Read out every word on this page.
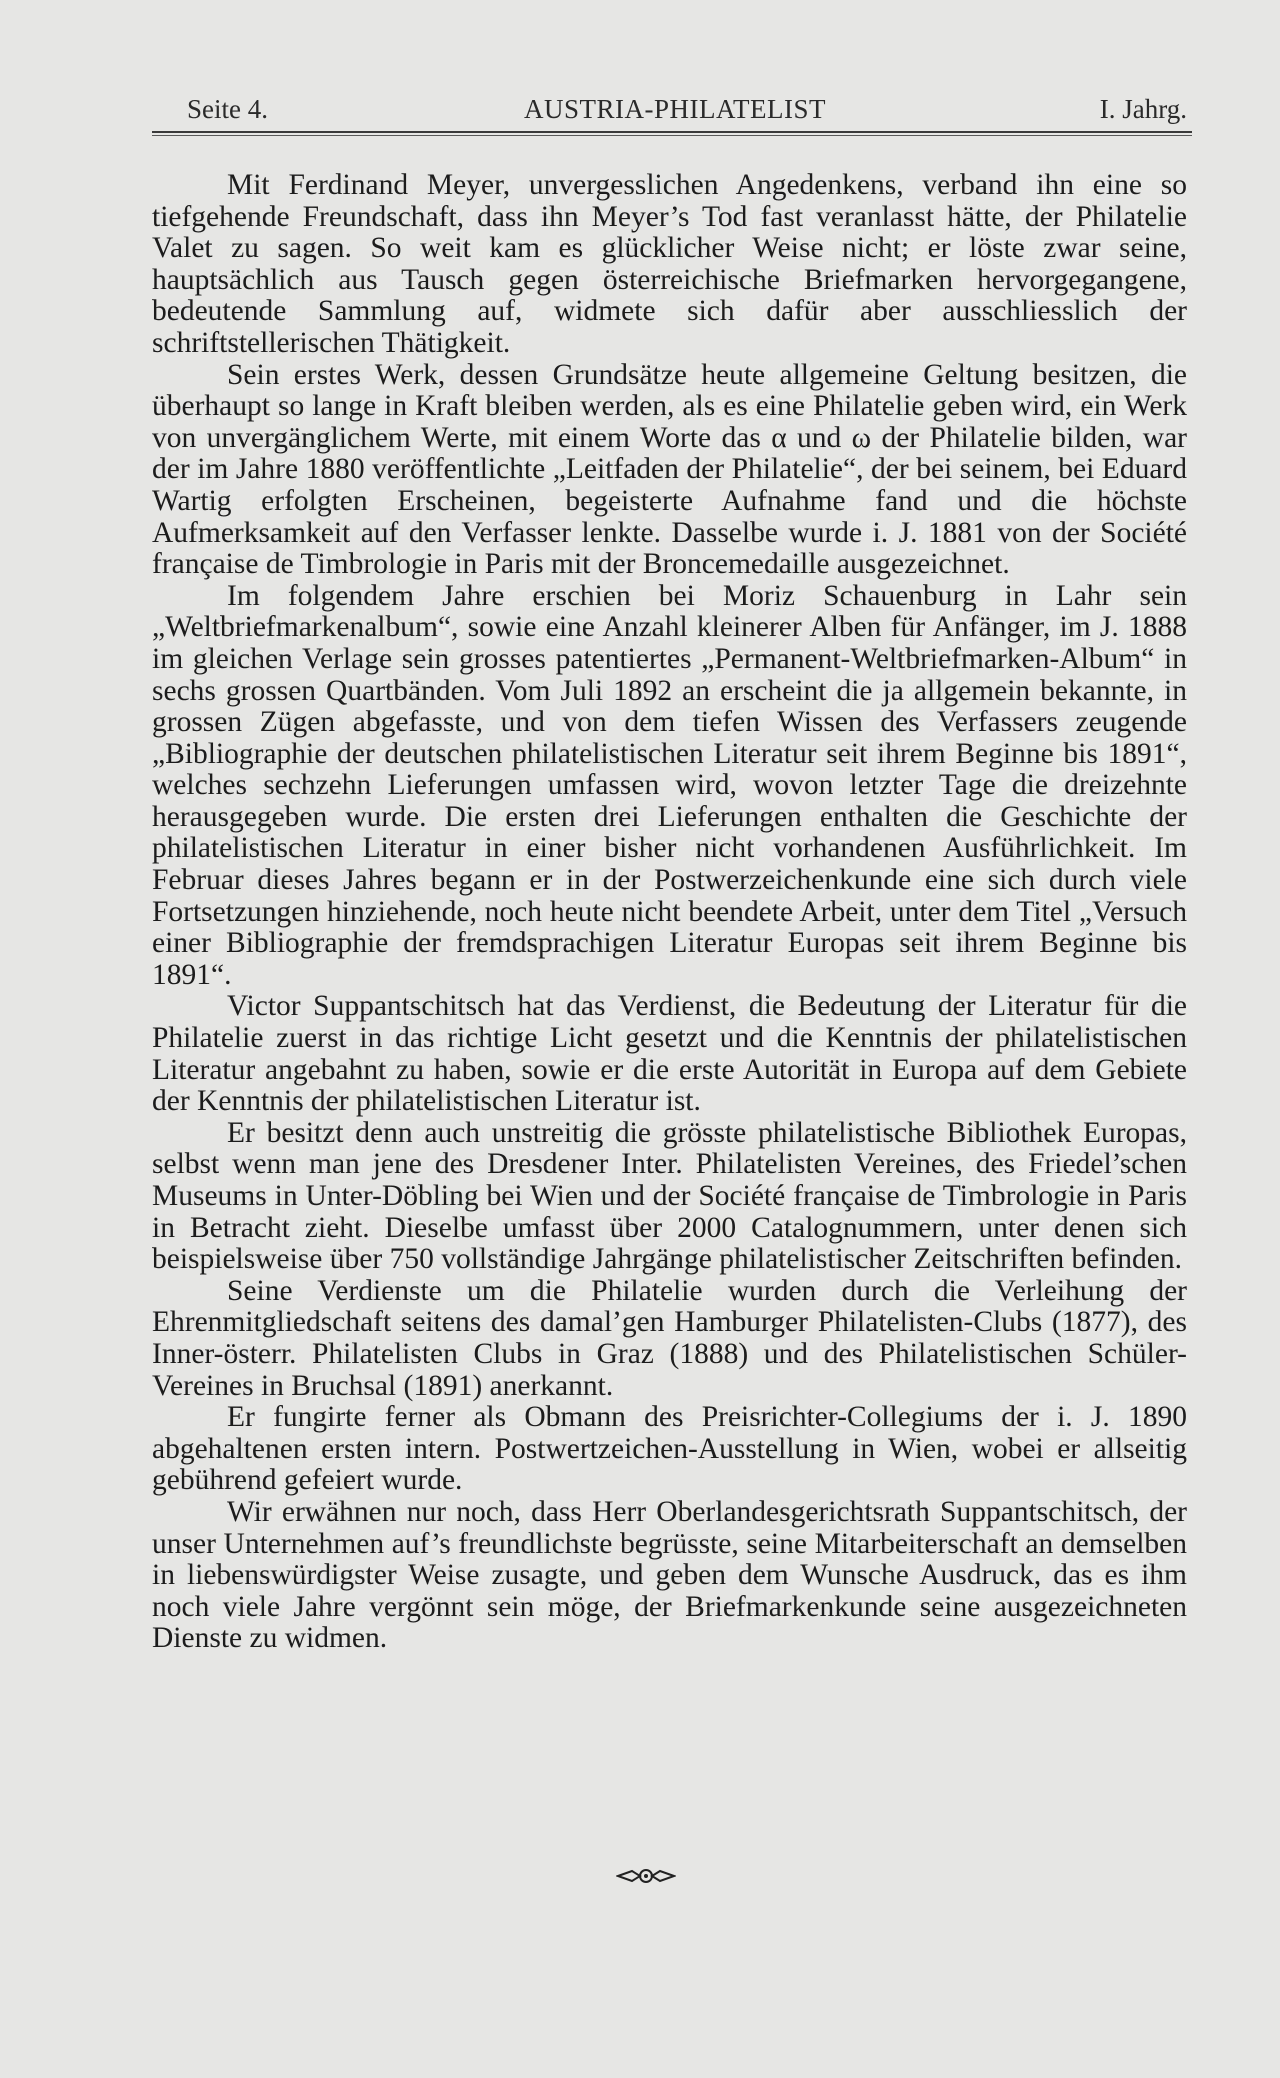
Seite 4.	AUSTRIA-PHILATELIST	I. Jahrg.

Mit Ferdinand Meyer, unvergesslichen Angedenkens, verband ihn eine so tiefgehende Freundschaft, dass ihn Meyer’s Tod fast veranlasst hätte, der Philatelie Valet zu sagen. So weit kam es glücklicher Weise nicht; er löste zwar seine, hauptsächlich aus Tausch gegen österreichische Briefmarken hervorgegangene, bedeutende Sammlung auf, widmete sich dafür aber ausschliesslich der schriftstellerischen Thätigkeit.

Sein erstes Werk, dessen Grundsätze heute allgemeine Geltung besitzen, die überhaupt so lange in Kraft bleiben werden, als es eine Philatelie geben wird, ein Werk von unvergänglichem Werte, mit einem Worte das α und ω der Philatelie bilden, war der im Jahre 1880 veröffentlichte „Leitfaden der Philatelie“, der bei seinem, bei Eduard Wartig erfolgten Erscheinen, begeisterte Aufnahme fand und die höchste Aufmerksamkeit auf den Verfasser lenkte. Dasselbe wurde i. J. 1881 von der Société française de Timbrologie in Paris mit der Broncemedaille ausgezeichnet.

Im folgendem Jahre erschien bei Moriz Schauenburg in Lahr sein „Weltbriefmarkenalbum“, sowie eine Anzahl kleinerer Alben für Anfänger, im J. 1888 im gleichen Verlage sein grosses patentiertes „Permanent-Weltbriefmarken-Album“ in sechs grossen Quartbänden. Vom Juli 1892 an erscheint die ja allgemein bekannte, in grossen Zügen abgefasste, und von dem tiefen Wissen des Verfassers zeugende „Bibliographie der deutschen philatelistischen Literatur seit ihrem Beginne bis 1891“, welches sechzehn Lieferungen umfassen wird, wovon letzter Tage die dreizehnte herausgegeben wurde. Die ersten drei Lieferungen enthalten die Geschichte der philatelistischen Literatur in einer bisher nicht vorhandenen Ausführlichkeit. Im Februar dieses Jahres begann er in der Postwerzeichenkunde eine sich durch viele Fortsetzungen hinziehende, noch heute nicht beendete Arbeit, unter dem Titel „Versuch einer Bibliographie der fremdsprachigen Literatur Europas seit ihrem Beginne bis 1891“.

Victor Suppantschitsch hat das Verdienst, die Bedeutung der Literatur für die Philatelie zuerst in das richtige Licht gesetzt und die Kenntnis der philatelistischen Literatur angebahnt zu haben, sowie er die erste Autorität in Europa auf dem Gebiete der Kenntnis der philatelistischen Literatur ist.

Er besitzt denn auch unstreitig die grösste philatelistische Bibliothek Europas, selbst wenn man jene des Dresdener Inter. Philatelisten Vereines, des Friedel’schen Museums in Unter-Döbling bei Wien und der Société française de Timbrologie in Paris in Betracht zieht. Dieselbe umfasst über 2000 Catalognummern, unter denen sich beispielsweise über 750 vollständige Jahrgänge philatelistischer Zeitschriften befinden.

Seine Verdienste um die Philatelie wurden durch die Verleihung der Ehrenmitgliedschaft seitens des damal’gen Hamburger Philatelisten-Clubs (1877), des Inner-österr. Philatelisten Clubs in Graz (1888) und des Philatelistischen Schüler-Vereines in Bruchsal (1891) anerkannt.

Er fungirte ferner als Obmann des Preisrichter-Collegiums der i. J. 1890 abgehaltenen ersten intern. Postwertzeichen-Ausstellung in Wien, wobei er allseitig gebührend gefeiert wurde.

Wir erwähnen nur noch, dass Herr Oberlandesgerichtsrath Suppantschitsch, der unser Unternehmen auf’s freundlichste begrüsste, seine Mitarbeiterschaft an demselben in liebenswürdigster Weise zusagte, und geben dem Wunsche Ausdruck, das es ihm noch viele Jahre vergönnt sein möge, der Briefmarkenkunde seine ausgezeichneten Dienste zu widmen.
